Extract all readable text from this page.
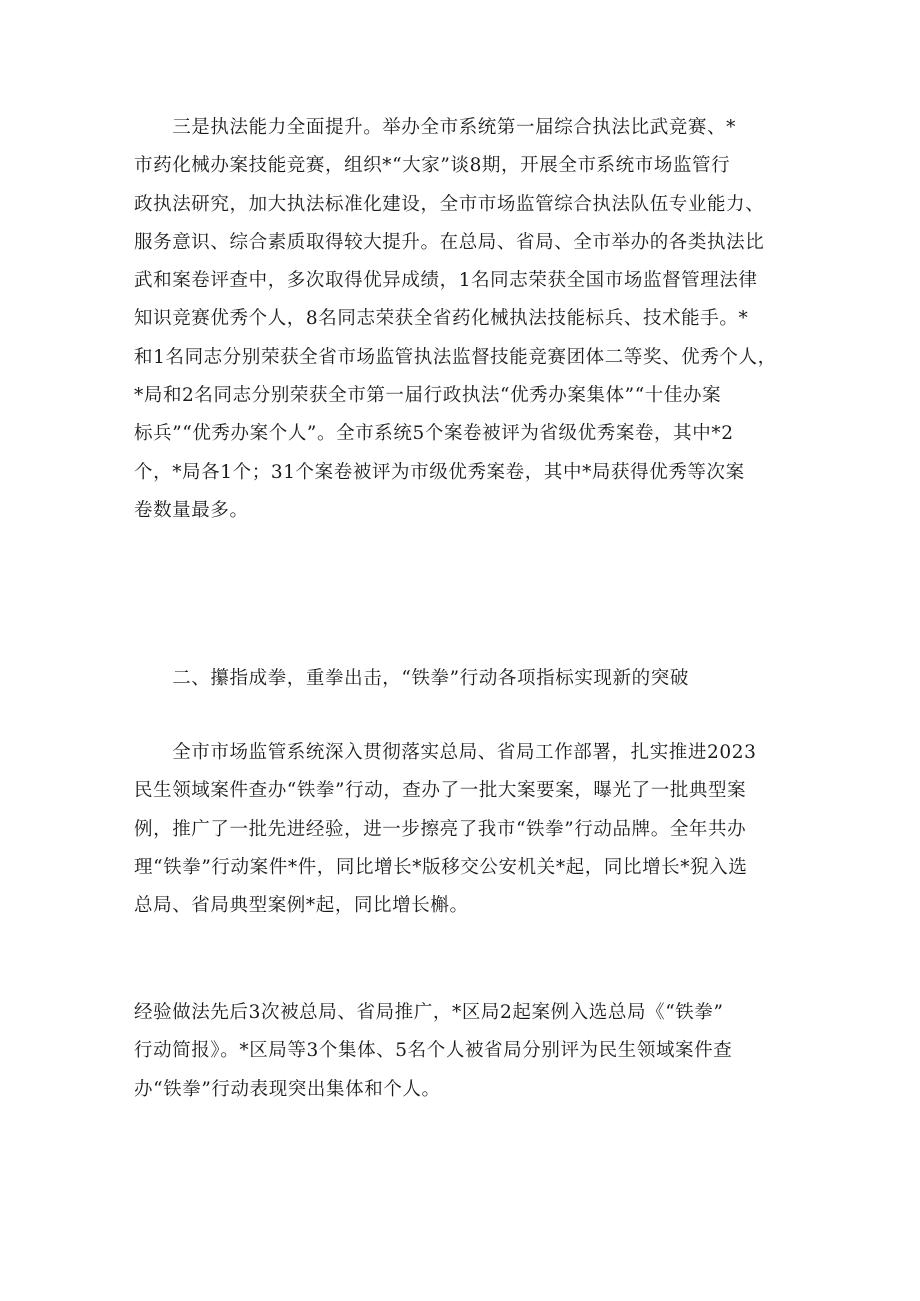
　　三是执法能力全面提升。举办全市系统第一届综合执法比武竞赛、*
市药化械办案技能竞赛，组织*“大家”谈8期，开展全市系统市场监管行
政执法研究，加大执法标准化建设，全市市场监管综合执法队伍专业能力、
服务意识、综合素质取得较大提升。在总局、省局、全市举办的各类执法比
武和案卷评查中，多次取得优异成绩，1名同志荣获全国市场监督管理法律
知识竞赛优秀个人，8名同志荣获全省药化械执法技能标兵、技术能手。*
和1名同志分别荣获全省市场监管执法监督技能竞赛团体二等奖、优秀个人，
*局和2名同志分别荣获全市第一届行政执法“优秀办案集体”“十佳办案
标兵”“优秀办案个人”。全市系统5个案卷被评为省级优秀案卷，其中*2
个，*局各1个；31个案卷被评为市级优秀案卷，其中*局获得优秀等次案
卷数量最多。

　　二、攥指成拳，重拳出击，“铁拳”行动各项指标实现新的突破

　　全市市场监管系统深入贯彻落实总局、省局工作部署，扎实推进2023
民生领域案件查办“铁拳”行动，查办了一批大案要案，曝光了一批典型案
例，推广了一批先进经验，进一步擦亮了我市“铁拳”行动品牌。全年共办
理“铁拳”行动案件*件，同比增长*版移交公安机关*起，同比增长*猊入选
总局、省局典型案例*起，同比增长槲。

经验做法先后3次被总局、省局推广，*区局2起案例入选总局《“铁拳”
行动简报》。*区局等3个集体、5名个人被省局分别评为民生领域案件查
办“铁拳”行动表现突出集体和个人。
